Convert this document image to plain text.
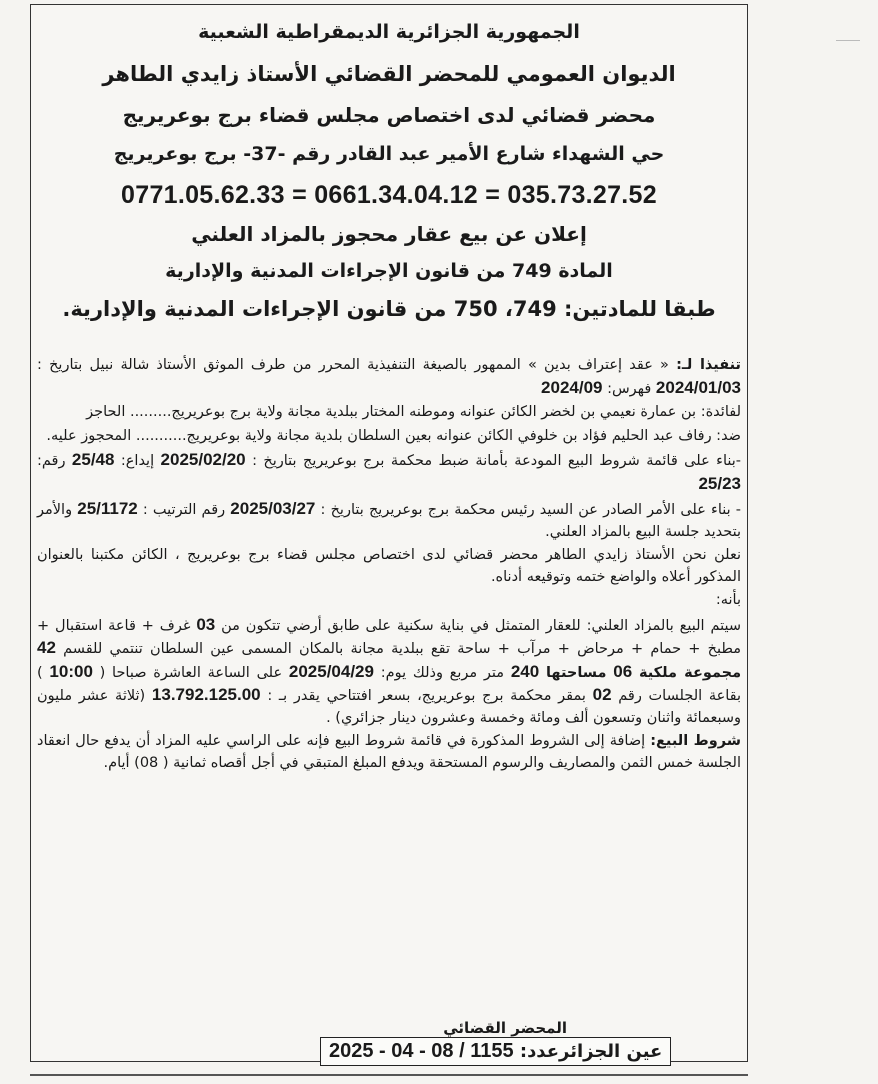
الجمهورية الجزائرية الديمقراطية الشعبية
الديوان العمومي للمحضر القضائي الأستاذ زايدي الطاهر
محضر قضائي لدى اختصاص مجلس قضاء برج بوعريريج
حي الشهداء شارع الأمير عبد القادر رقم -37- برج بوعريريج
0771.05.62.33 = 0661.34.04.12 = 035.73.27.52
إعلان عن بيع عقار محجوز بالمزاد العلني
المادة 749 من قانون الإجراءات المدنية والإدارية
طبقا للمادتين: 749، 750 من قانون الإجراءات المدنية والإدارية.

تنفيذا لـ: « عقد إعتراف بدين » الممهور بالصيغة التنفيذية المحرر من طرف الموثق الأستاذ شالة نبيل بتاريخ : 2024/01/03 فهرس: 2024/09

لفائدة: بن عمارة نعيمي بن لخضر الكائن عنوانه وموطنه المختار ببلدية مجانة ولاية برج بوعريريج......... الحاجز

ضد: رفاف عبد الحليم فؤاد بن خلوفي الكائن عنوانه بعين السلطان بلدية مجانة ولاية بوعريريج........... المحجوز عليه.

-بناء على قائمة شروط البيع المودعة بأمانة ضبط محكمة برج بوعريريج بتاريخ : 2025/02/20 إيداع: 25/48 رقم: 25/23

- بناء على الأمر الصادر عن السيد رئيس محكمة برج بوعريريج بتاريخ : 2025/03/27 رقم الترتيب : 25/1172 والأمر بتحديد جلسة البيع بالمزاد العلني.

نعلن نحن الأستاذ زايدي الطاهر محضر قضائي لدى اختصاص مجلس قضاء برج بوعريريج ، الكائن مكتبنا بالعنوان المذكور أعلاه والواضع ختمه وتوقيعه أدناه.

بأنه:

سيتم البيع بالمزاد العلني: للعقار المتمثل في بناية سكنية على طابق أرضي تتكون من 03 غرف + قاعة استقبال + مطبخ + حمام + مرحاض + مرآب + ساحة تقع ببلدية مجانة بالمكان المسمى عين السلطان تنتمي للقسم 42 مجموعة ملكية 06 مساحتها 240 متر مربع وذلك يوم: 2025/04/29 على الساعة العاشرة صباحا ( 10:00 ) بقاعة الجلسات رقم 02 بمقر محكمة برج بوعريريج، بسعر افتتاحي يقدر بـ : 13.792.125.00 (ثلاثة عشر مليون وسبعمائة واثنان وتسعون ألف ومائة وخمسة وعشرون دينار جزائري) .

شروط البيع: إضافة إلى الشروط المذكورة في قائمة شروط البيع فإنه على الراسي عليه المزاد أن يدفع حال انعقاد الجلسة خمس الثمن والمصاريف والرسوم المستحقة ويدفع المبلغ المتبقي في أجل أقصاه ثمانية ( 08) أيام.

المحضر القضائي
عين الجزائرعدد: 2025 - 04 - 08 / 1155
